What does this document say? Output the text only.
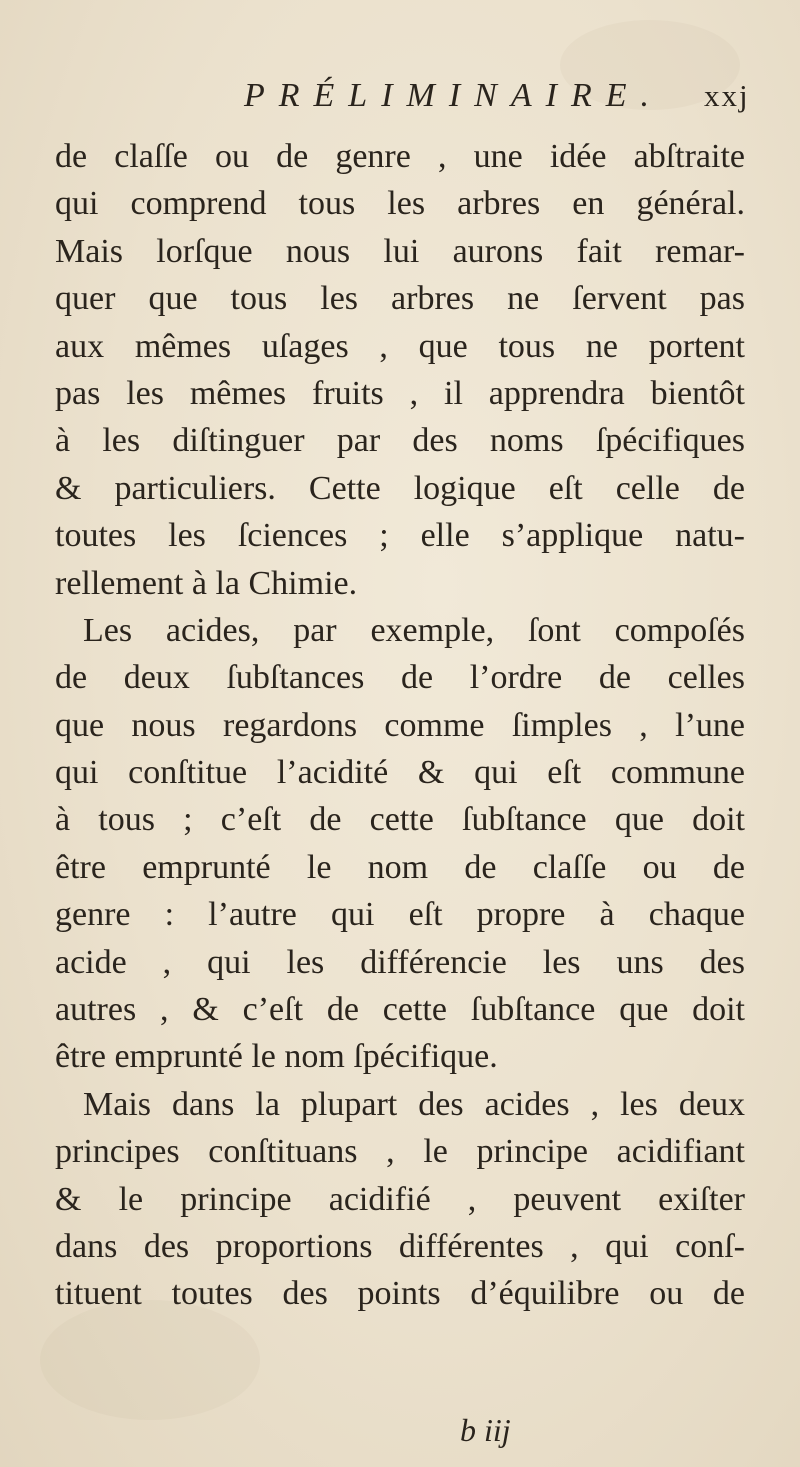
PRÉLIMINAIRE. xxj
de claſſe ou de genre , une idée abſtraite
qui comprend tous les arbres en général.
Mais lorſque nous lui aurons fait remar-
quer que tous les arbres ne ſervent pas
aux mêmes uſages , que tous ne portent
pas les mêmes fruits , il apprendra bientôt
à les diſtinguer par des noms ſpécifiques
& particuliers. Cette logique eſt celle de
toutes les ſciences ; elle s’applique natu-
rellement à la Chimie.
Les acides, par exemple, ſont compoſés
de deux ſubſtances de l’ordre de celles
que nous regardons comme ſimples , l’une
qui conſtitue l’acidité & qui eſt commune
à tous ; c’eſt de cette ſubſtance que doit
être emprunté le nom de claſſe ou de
genre : l’autre qui eſt propre à chaque
acide , qui les différencie les uns des
autres , & c’eſt de cette ſubſtance que doit
être emprunté le nom ſpécifique.
Mais dans la plupart des acides , les deux
principes conſtituans , le principe acidifiant
& le principe acidifié , peuvent exiſter
dans des proportions différentes , qui conſ-
tituent toutes des points d’équilibre ou de
b iij
